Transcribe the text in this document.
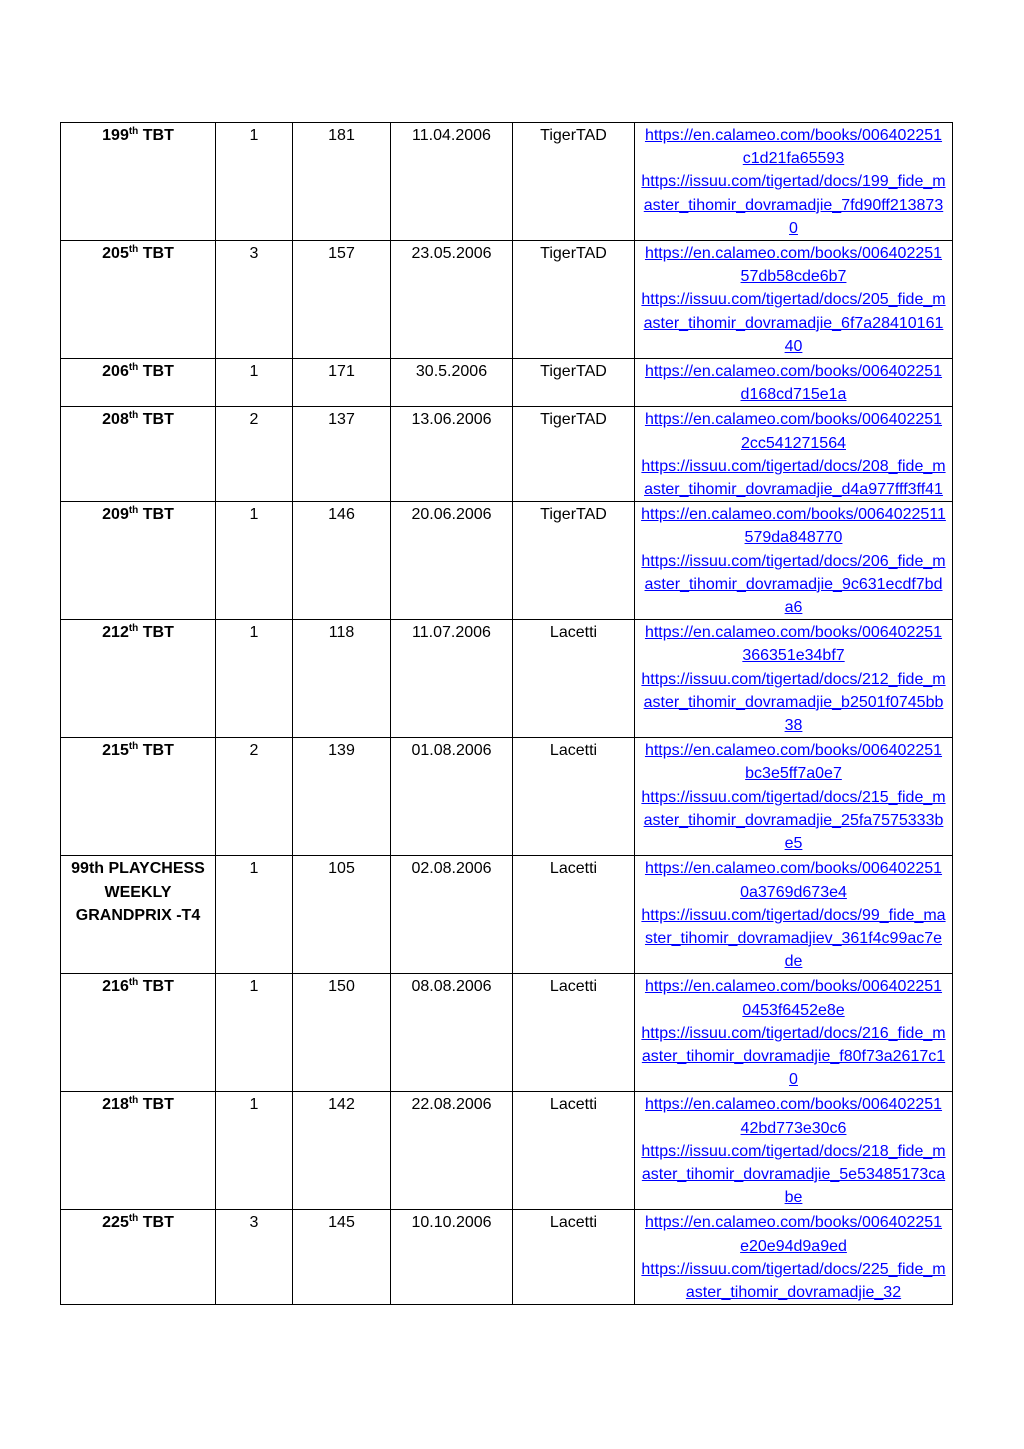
199th TBT	1	181	11.04.2006	TigerTAD	https://en.calameo.com/books/006402251c1d21fa65593
https://issuu.com/tigertad/docs/199_fide_master_tihomir_dovramadjie_7fd90ff2138730

205th TBT	3	157	23.05.2006	TigerTAD	https://en.calameo.com/books/00640225157db58cde6b7
https://issuu.com/tigertad/docs/205_fide_master_tihomir_dovramadjie_6f7a2841016140

206th TBT	1	171	30.5.2006	TigerTAD	https://en.calameo.com/books/006402251d168cd715e1a

208th TBT	2	137	13.06.2006	TigerTAD	https://en.calameo.com/books/0064022512cc541271564
https://issuu.com/tigertad/docs/208_fide_master_tihomir_dovramadjie_d4a977fff3ff41

209th TBT	1	146	20.06.2006	TigerTAD	https://en.calameo.com/books/0064022511579da848770
https://issuu.com/tigertad/docs/206_fide_master_tihomir_dovramadjie_9c631ecdf7bda6

212th TBT	1	118	11.07.2006	Lacetti	https://en.calameo.com/books/006402251366351e34bf7
https://issuu.com/tigertad/docs/212_fide_master_tihomir_dovramadjie_b2501f0745bb38

215th TBT	2	139	01.08.2006	Lacetti	https://en.calameo.com/books/006402251bc3e5ff7a0e7
https://issuu.com/tigertad/docs/215_fide_master_tihomir_dovramadjie_25fa7575333be5

99th PLAYCHESS WEEKLY GRANDPRIX -T4	1	105	02.08.2006	Lacetti	https://en.calameo.com/books/0064022510a3769d673e4
https://issuu.com/tigertad/docs/99_fide_master_tihomir_dovramadjiev_361f4c99ac7ede

216th TBT	1	150	08.08.2006	Lacetti	https://en.calameo.com/books/0064022510453f6452e8e
https://issuu.com/tigertad/docs/216_fide_master_tihomir_dovramadjie_f80f73a2617c10

218th TBT	1	142	22.08.2006	Lacetti	https://en.calameo.com/books/00640225142bd773e30c6
https://issuu.com/tigertad/docs/218_fide_master_tihomir_dovramadjie_5e53485173cabe

225th TBT	3	145	10.10.2006	Lacetti	https://en.calameo.com/books/006402251e20e94d9a9ed
https://issuu.com/tigertad/docs/225_fide_master_tihomir_dovramadjie_32
